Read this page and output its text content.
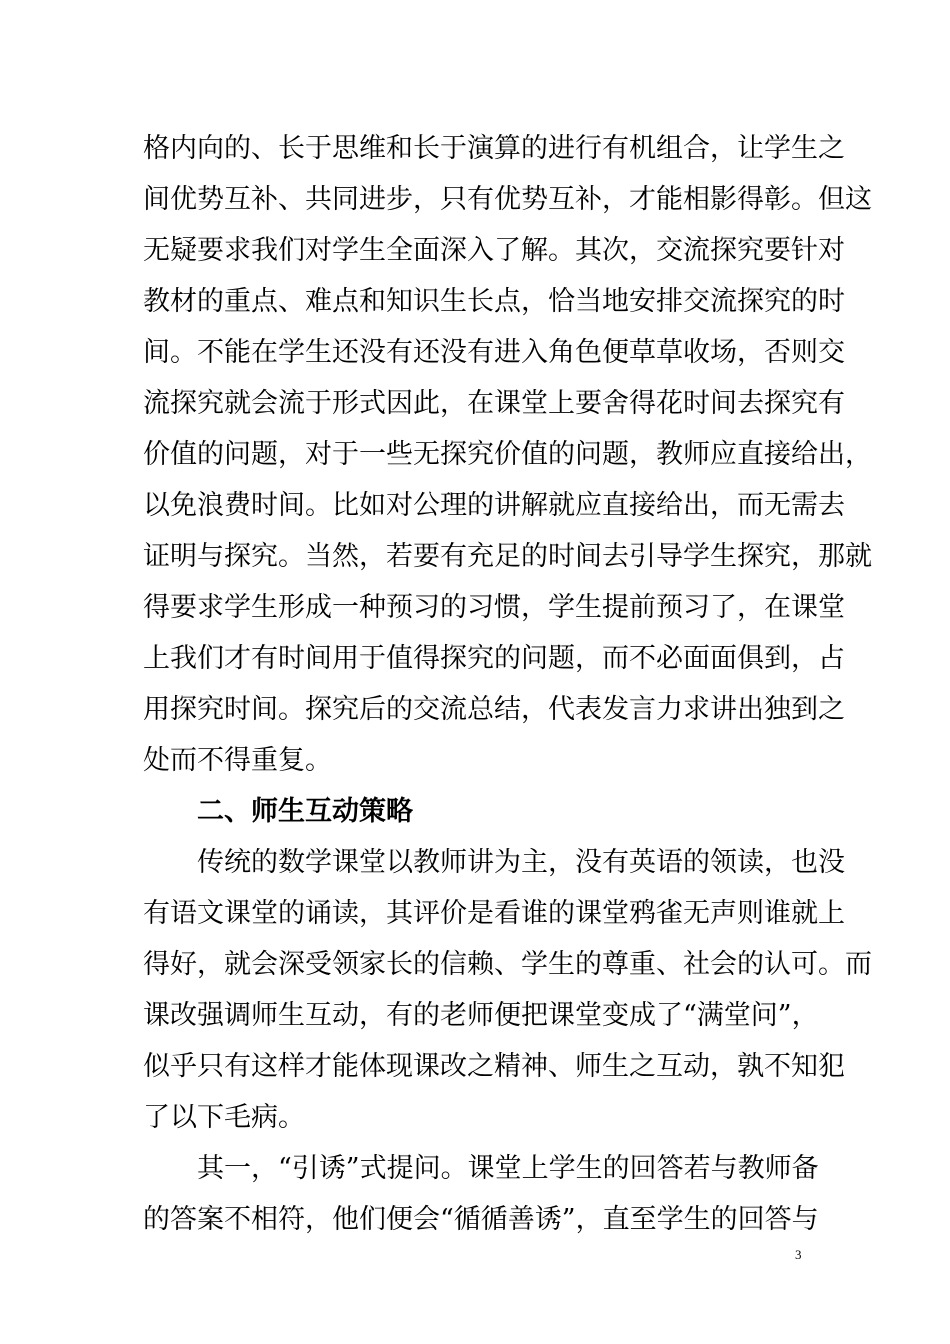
格内向的、长于思维和长于演算的进行有机组合，让学生之
间优势互补、共同进步，只有优势互补，才能相影得彰。但这
无疑要求我们对学生全面深入了解。其次，交流探究要针对
教材的重点、难点和知识生长点，恰当地安排交流探究的时
间。不能在学生还没有还没有进入角色便草草收场，否则交
流探究就会流于形式因此，在课堂上要舍得花时间去探究有
价值的问题，对于一些无探究价值的问题，教师应直接给出，
以免浪费时间。比如对公理的讲解就应直接给出，而无需去
证明与探究。当然，若要有充足的时间去引导学生探究，那就
得要求学生形成一种预习的习惯，学生提前预习了，在课堂
上我们才有时间用于值得探究的问题，而不必面面俱到，占
用探究时间。探究后的交流总结，代表发言力求讲出独到之
处而不得重复。
二、师生互动策略
传统的数学课堂以教师讲为主，没有英语的领读，也没
有语文课堂的诵读，其评价是看谁的课堂鸦雀无声则谁就上
得好，就会深受领家长的信赖、学生的尊重、社会的认可。而
课改强调师生互动，有的老师便把课堂变成了“满堂问”，
似乎只有这样才能体现课改之精神、师生之互动，孰不知犯
了以下毛病。
其一，“引诱”式提问。课堂上学生的回答若与教师备
的答案不相符，他们便会“循循善诱”，直至学生的回答与
3
